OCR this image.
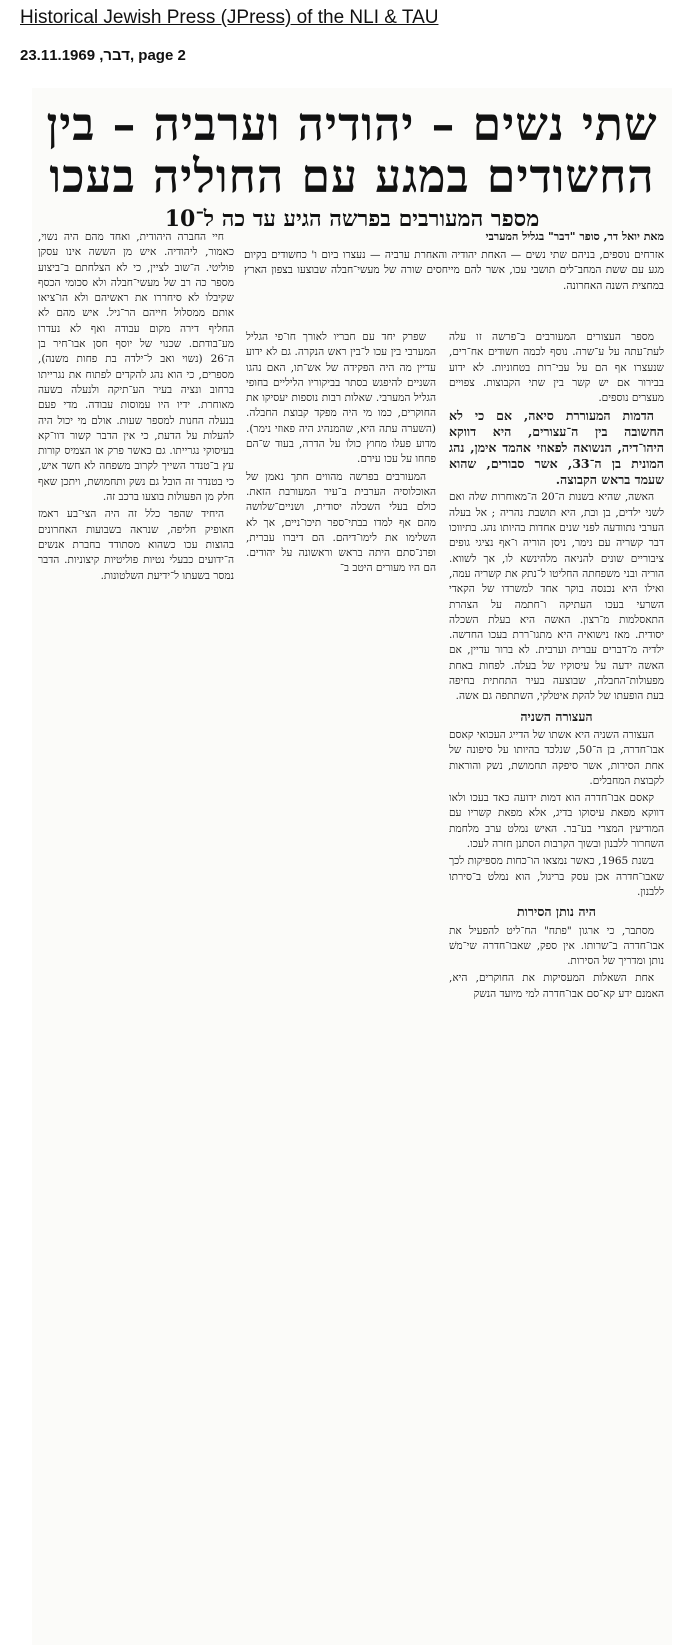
Historical Jewish Press (JPress) of the NLI & TAU
דבר, 23.11.1969, page 2
שתי נשים – יהודיה וערביה – בין
החשודים במגע עם החוליה בעכו
מספר המעורבים בפרשה הגיע עד כה ל־10
מאת יואל דר, סופר "דבר" בגליל המערבי
אזרחים נוספים, בניהם שתי נשים — האחת יהודיה והאחרת ערביה — נעצרו ביום ו' כחשודים בקיום מגע עם ששת המחב־לים תושבי עכו, אשר להם מייחסים שורה של מעשי־חבלה שבוצעו בצפון הארץ במחצית השנה האחרונה.

מספר העצורים המעורבים ב־פרשה זו עלה לעת־עתה על ע־שרה. נוסף לכמה חשודים אח־רים, שנעצרו אף הם על עבי־רות בטחוניות. לא ידוע בבירור אם יש קשר בין שתי הקבוצות. צפויים מעצרים נוספים.

הדמות המעוררת סיאה, אם כי לא החשובה בין ה־עצורים, היא דווקא היהו־דיה, הנשואה לפאוזי אהמד אימן, נהג המונית בן ה־33, אשר סבורים, שהוא שעמד בראש הקבוצה.

האשה, שהיא בשנות ה־20 ה־מאוחרות שלה ואם לשני ילדים, בן ובת, היא תושבת נהריה ; אל בעלה הערבי נתוודעה לפני שנים אחדות בהיותו נהג. בתיווכו דבר קשריה עם נימר, ניסן הוריה ו־אף נציגי גופים ציבוריים שונים להניאה מלהינשא לו, אך לשווא. הוריה ובני משפחתה החליטו ל־נתק את קשריה עמה, ואילו היא נכנסה בוקר אחד למשרדו של הקאדי השרעי בעכו העתיקה ו־חתמה על הצהרת התאסלמות מ־רצון. האשה היא בעלת השכלה יסודית. מאז נישואיה היא מתגו־ררת בעכו החדשה. ילדיה מ־דברים עברית וערבית. לא ברור עדיין, אם האשה ידעה על עיסוקיו של בעלה. לפחות באחת מפעולות־החבלה, שבוצעה בעיר התחתית בחיפה בעת הופעתו של להקת איטלקי, השתתפה גם אשה.

העצורה השניה

העצורה השניה היא אשתו של הדייג העכואי קאסם אבו־חדרה, בן ה־50, שנלכד בהיותו על סיפונה של אחת הסירות, אשר סיפקה תחמושת, נשק והוראות לקבוצת המחבלים.

קאסם אבו־חדרה הוא דמות ידועה כאד בעכו ולאו דווקא מפאת עיסוקו בדיג, אלא מפאת קשריו עם המודיעין המצרי בע־בר. האיש נמלט ערב מלחמת השחרור ללבנון ובשוך הקרבות הסתנן חזרה לעכו.

בשנת 1965, כאשר נמצאו הו־כחות מספיקות לכך שאבו־חדרה אכן עסק בריגול, הוא נמלט ב־סירתו ללבנון.

היה נותן הסירות

מסתבר, כי ארגון "פתח" הח־ליט להפעיל את אבו־חדרה ב־שרותו. אין ספק, שאבו־חדרה שי־משׁ נותן ומדריך של הסירות.

אחת השאלות המעסיקות את החוקרים, היא, האמנם ידע קא־סם אבו־חדרה למי מיועד הנשק

שפרק יחד עם חבריו לאורך חו־פי הגליל המערבי בין עכו ל־בין ראש הנקרה. גם לא ידוע עדיין מה היה הפקידה של אש־תו, האם נהגו השניים להיפגש בסתר בביקוריו הליליים בחופי הגליל המערבי. שאלות רבות נוספות יעסיקו את החוקרים, כמו מי היה מפקד קבוצת החבלה. (השערה עתה היא, שהמנהיג היה פאוזי נימר). מדוע פעלו מחוץ כולו על הדרה, בעוד ש־הם פחחו על עכו עירם.

המעורבים בפרשה מהווים חתך נאמן של האוכלוסיה הערבית ב־עיר המעורבת הזאת. כולם בעלי השכלה יסודית, ושניים־שלושה מהם אף למדו בבתי־ספר תיכו־ניים, אך לא השלימו את לימו־דיהם. הם דיברו עברית, ופרנ־סתם היתה בראש וראשונה על יהודים. הם היו מעורים היטב ב־

חיי החברה היהודית, ואחד מהם היה נשוי, כאמור, ליהודיה. איש מן הששה אינו עסקן פוליטי. ה־שוב לציין, כי לא הצלחתם ב־ביצוע מספר כה רב של מעשי־חבלה ולא סכומי הכסף שקיבלו לא סיחררו את ראשיהם ולא הו־ציאו אותם ממסלול חייהם הר־גיל. איש מהם לא החליף דירה מקום עבודה ואף לא נעדרו מע־בודתם. שכנוי של יוסף חסן אבו־חיר בן ה־26 (נשוי ואב ל־ילדה בת פחות משנה), מספרים, כי הוא נהג להקדים לפתוח את נגרייתו ברחוב ונציה בעיר הע־תיקה ולנעלה בשעה מאוחרת. ידיו היו עמוסות עבודה. מדי פעם בנעלה החנות למספר שעות. אולם מי יכול היה להעלות על הדעת, כי אין הדבר קשור דוו־קא בעיסוקי נגרייתו. גם כאשר פרק או הצמיס קורות עץ ב־טנדר השייך לקרוב משפחה לא חשד איש, כי בטנדר זה הובל גם נשק ותחמושת, ויתכן שאף חלק מן הפעולות בוצעו ברכב זה.

היחיד שהפר כלל זה היה הצי־בע ראמז חאופיק חליפה, שנראה בשבועות האחרונים בהוצות עכו כשהוא מסתודד בחברת אנשים ה־ידועים כבעלי נטיות פוליטיות קיצוניות. הדבר נמסר בשעתו ל־ידיעת השלטונות.
